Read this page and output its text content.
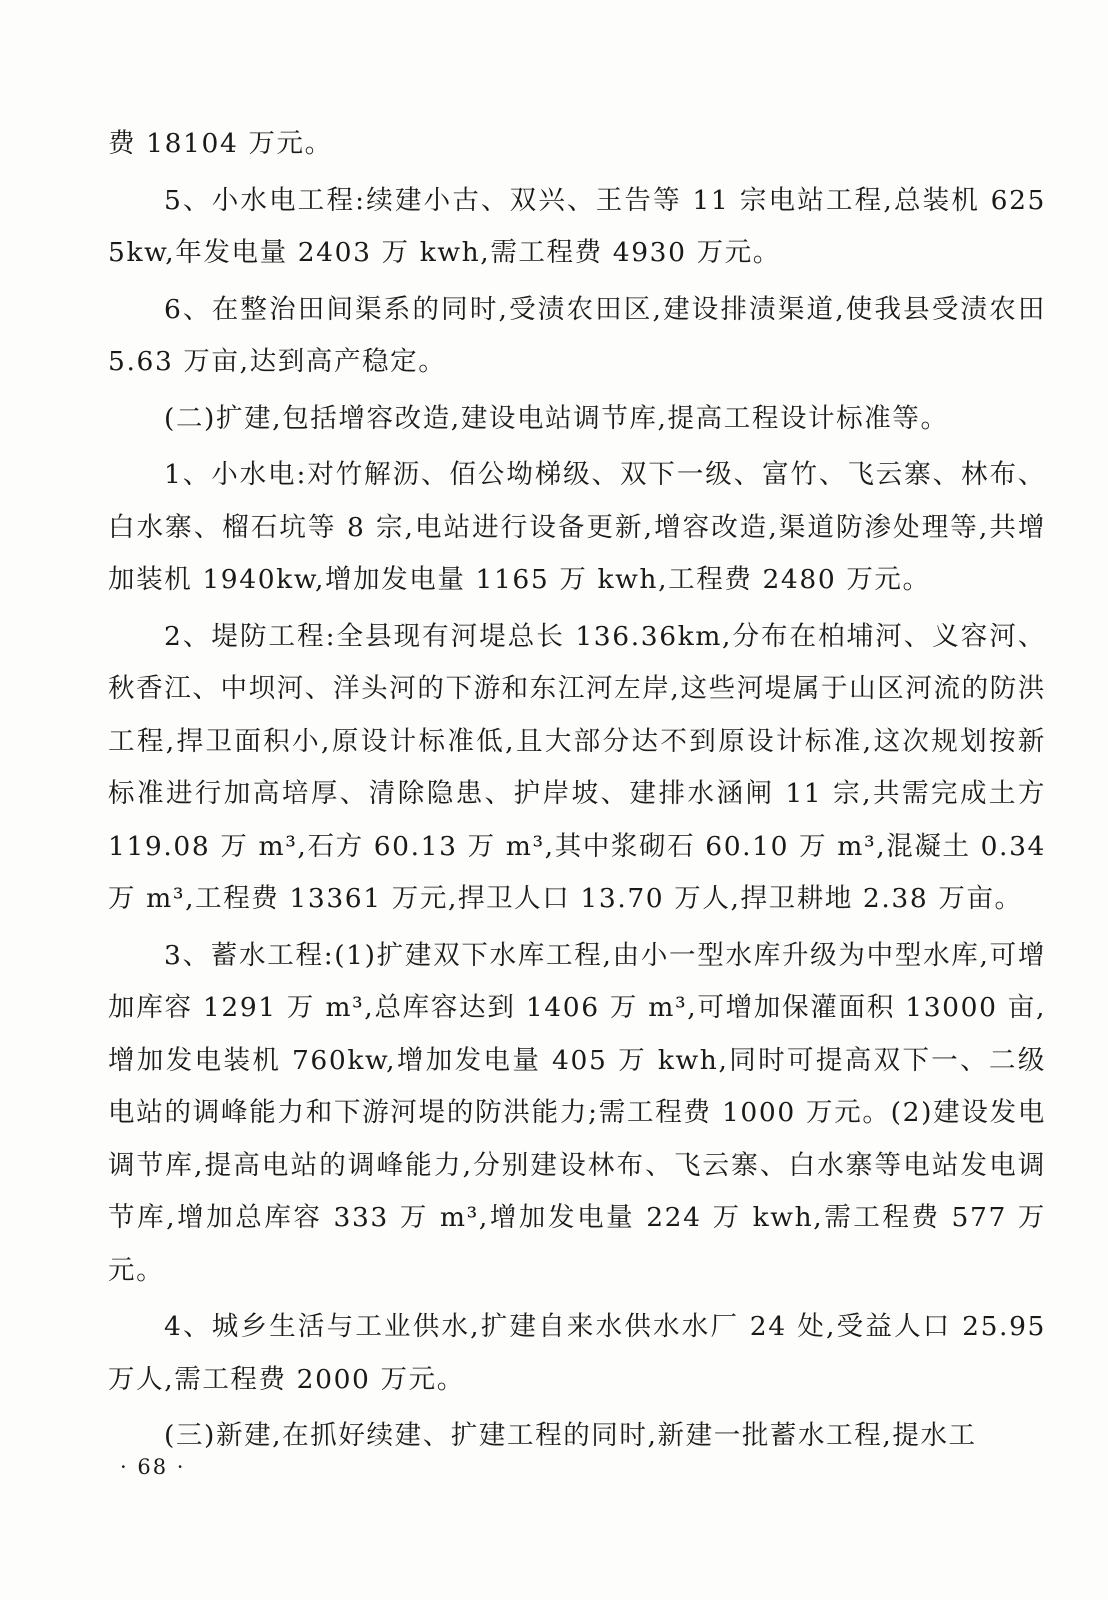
费 18104 万元。

5、小水电工程:续建小古、双兴、王告等 11 宗电站工程,总装机 6255kw,年发电量 2403 万 kwh,需工程费 4930 万元。

6、在整治田间渠系的同时,受渍农田区,建设排渍渠道,使我县受渍农田 5.63 万亩,达到高产稳定。

(二)扩建,包括增容改造,建设电站调节库,提高工程设计标准等。

1、小水电:对竹解沥、佰公坳梯级、双下一级、富竹、飞云寨、林布、白水寨、榴石坑等 8 宗,电站进行设备更新,增容改造,渠道防渗处理等,共增加装机 1940kw,增加发电量 1165 万 kwh,工程费 2480 万元。

2、堤防工程:全县现有河堤总长 136.36km,分布在柏埔河、义容河、秋香江、中坝河、洋头河的下游和东江河左岸,这些河堤属于山区河流的防洪工程,捍卫面积小,原设计标准低,且大部分达不到原设计标准,这次规划按新标准进行加高培厚、清除隐患、护岸坡、建排水涵闸 11 宗,共需完成土方 119.08 万 m³,石方 60.13 万 m³,其中浆砌石 60.10 万 m³,混凝土 0.34 万 m³,工程费 13361 万元,捍卫人口 13.70 万人,捍卫耕地 2.38 万亩。

3、蓄水工程:(1)扩建双下水库工程,由小一型水库升级为中型水库,可增加库容 1291 万 m³,总库容达到 1406 万 m³,可增加保灌面积 13000 亩,增加发电装机 760kw,增加发电量 405 万 kwh,同时可提高双下一、二级电站的调峰能力和下游河堤的防洪能力;需工程费 1000 万元。(2)建设发电调节库,提高电站的调峰能力,分别建设林布、飞云寨、白水寨等电站发电调节库,增加总库容 333 万 m³,增加发电量 224 万 kwh,需工程费 577 万元。

4、城乡生活与工业供水,扩建自来水供水水厂 24 处,受益人口 25.95 万人,需工程费 2000 万元。

(三)新建,在抓好续建、扩建工程的同时,新建一批蓄水工程,提水工

· 68 ·
